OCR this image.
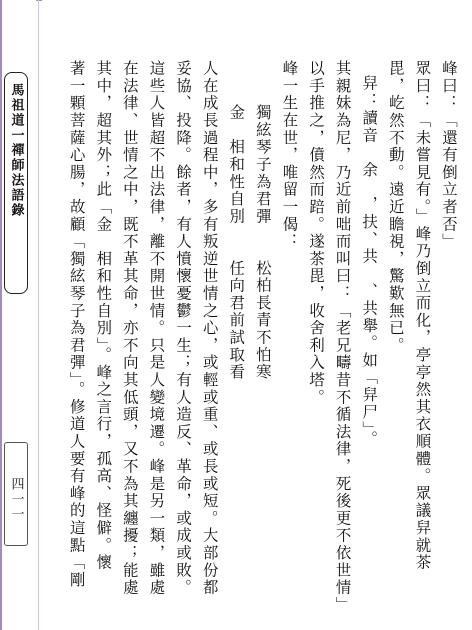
馬祖道一禪師法語錄
四一一

峰曰：「還有倒立者否」

眾曰：「未嘗見有。」峰乃倒立而化，亭亭然其衣順體。眾議舁就茶

毘，屹然不動。遠近瞻視，驚歎無已。

舁：讀音　余　，扶、共　、共舉。如「舁尸」。

其親妹為尼，乃近前咄而叫曰：「老兄疇昔不循法律，死後更不依世情」

以手推之，僨然而踣。遂茶毘，收舍利入塔。

峰一生在世，唯留一偈：

獨絃琴子為君彈　　松柏長青不怕寒

金　相和性自別　　任向君前試取看

人在成長過程中，多有叛逆世情之心，或輕或重、或長或短。大部份都

妥協、投降。餘者，有人憤懷憂鬱一生；有人造反、革命，或成或敗。

這些人皆超不出法律，離不開世情。只是人變境遷。峰是另一類，雖處

在法律、世情之中，既不革其命，亦不向其低頭，又不為其纏擾；能處

其中，超其外；此「金　相和性自別」。峰之言行，孤高、怪僻。懷

著一顆菩薩心腸，故顧「獨絃琴子為君彈」。修道人要有峰的這點「剛
